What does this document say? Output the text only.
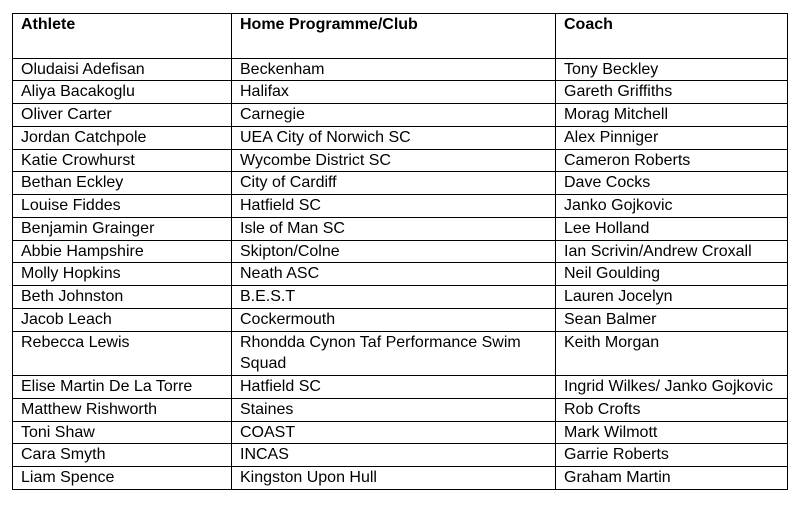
Athlete	Home Programme/Club	Coach
Oludaisi Adefisan	Beckenham	Tony Beckley
Aliya Bacakoglu	Halifax	Gareth Griffiths
Oliver Carter	Carnegie	Morag Mitchell
Jordan Catchpole	UEA City of Norwich SC	Alex Pinniger
Katie Crowhurst	Wycombe District SC	Cameron Roberts
Bethan Eckley	City of Cardiff	Dave Cocks
Louise Fiddes	Hatfield SC	Janko Gojkovic
Benjamin Grainger	Isle of Man SC	Lee Holland
Abbie Hampshire	Skipton/Colne	Ian Scrivin/Andrew Croxall
Molly Hopkins	Neath ASC	Neil Goulding
Beth Johnston	B.E.S.T	Lauren Jocelyn
Jacob Leach	Cockermouth	Sean Balmer
Rebecca Lewis	Rhondda Cynon Taf Performance Swim Squad	Keith Morgan
Elise Martin De La Torre	Hatfield SC	Ingrid Wilkes/ Janko Gojkovic
Matthew Rishworth	Staines	Rob Crofts
Toni Shaw	COAST	Mark Wilmott
Cara Smyth	INCAS	Garrie Roberts
Liam Spence	Kingston Upon Hull	Graham Martin
